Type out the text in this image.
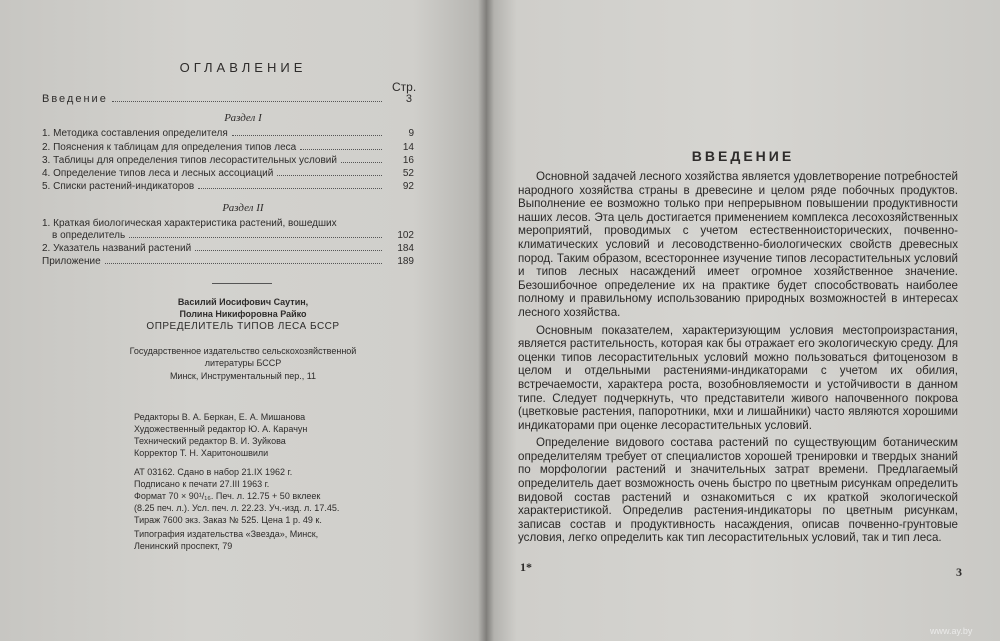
ОГЛАВЛЕНИЕ
Стр.
Введение	3
Раздел I
1. Методика составления определителя	9
2. Пояснения к таблицам для определения типов леса	14
3. Таблицы для определения типов лесорастительных условий	16
4. Определение типов леса и лесных ассоциаций	52
5. Списки растений-индикаторов	92
Раздел II
1. Краткая биологическая характеристика растений, вошедших
в определитель	102
2. Указатель названий растений	184
Приложение	189
Василий Иосифович Саутин,
Полина Никифоровна Райко
ОПРЕДЕЛИТЕЛЬ ТИПОВ ЛЕСА БССР
Государственное издательство сельскохозяйственной
литературы БССР
Минск, Инструментальный пер., 11
Редакторы В. А. Беркан, Е. А. Мишанова
Художественный редактор Ю. А. Карачун
Технический редактор В. И. Зуйкова
Корректор Т. Н. Харитоношвили
АТ 03162. Сдано в набор 21.IX 1962 г.
Подписано к печати 27.III 1963 г.
Формат 70 × 90¹/₁₆. Печ. л. 12.75 + 50 вклеек
(8.25 печ. л.). Усл. печ. л. 22.23. Уч.-изд. л. 17.45.
Тираж 7600 экз. Заказ № 525. Цена 1 р. 49 к.
Типография издательства «Звезда», Минск,
Ленинский проспект, 79
ВВЕДЕНИЕ

Основной задачей лесного хозяйства является удовлетворение потребностей народного хозяйства страны в древесине и целом ряде побочных продуктов. Выполнение ее возможно только при непрерывном повышении продуктивности наших лесов. Эта цель достигается применением комплекса лесохозяйственных мероприятий, проводимых с учетом естественноисторических, почвенно-климатических условий и лесоводственно-биологических свойств древесных пород. Таким образом, всестороннее изучение типов лесорастительных условий и типов лесных насаждений имеет огромное хозяйственное значение. Безошибочное определение их на практике будет способствовать наиболее полному и правильному использованию природных возможностей в интересах лесного хозяйства.

Основным показателем, характеризующим условия местопроизрастания, является растительность, которая как бы отражает его экологическую среду. Для оценки типов лесорастительных условий можно пользоваться фитоценозом в целом и отдельными растениями-индикаторами с учетом их обилия, встречаемости, характера роста, возобновляемости и устойчивости в данном типе. Следует подчеркнуть, что представители живого напочвенного покрова (цветковые растения, папоротники, мхи и лишайники) часто являются хорошими индикаторами при оценке лесорастительных условий.

Определение видового состава растений по существующим ботаническим определителям требует от специалистов хорошей тренировки и твердых знаний по морфологии растений и значительных затрат времени. Предлагаемый определитель дает возможность очень быстро по цветным рисункам определить видовой состав растений и ознакомиться с их краткой экологической характеристикой. Определив растения-индикаторы по цветным рисункам, записав состав и продуктивность насаждения, описав почвенно-грунтовые условия, легко определить как тип лесорастительных условий, так и тип леса.

1*	3
www.ay.by
